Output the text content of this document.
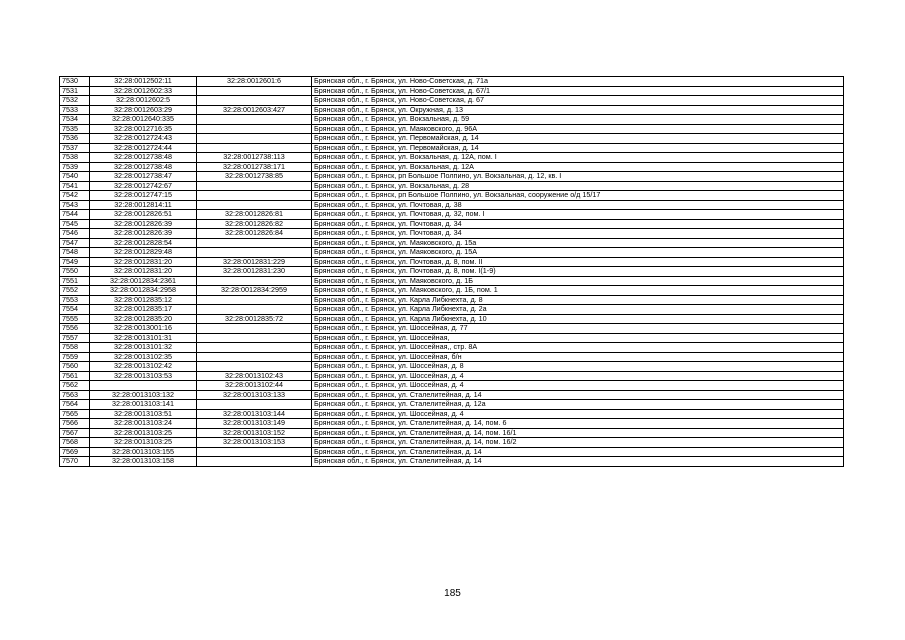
7530	32:28:0012502:11	32:28:0012601:6	Брянская обл., г. Брянск, ул. Ново-Советская, д. 71а
7531	32:28:0012602:33		Брянская обл., г. Брянск, ул. Ново-Советская, д. 67/1
7532	32:28:0012602:5		Брянская обл., г. Брянск, ул. Ново-Советская, д. 67
7533	32:28:0012603:29	32:28:0012603:427	Брянская обл., г. Брянск, ул. Окружная, д. 13
7534	32:28:0012640:335		Брянская обл., г. Брянск, ул. Вокзальная, д. 59
7535	32:28:0012716:35		Брянская обл., г. Брянск, ул. Маяковского, д. 96А
7536	32:28:0012724:43		Брянская обл., г. Брянск, ул. Первомайская, д. 14
7537	32:28:0012724:44		Брянская обл., г. Брянск, ул. Первомайская, д. 14
7538	32:28:0012738:48	32:28:0012738:113	Брянская обл., г. Брянск, ул. Вокзальная, д. 12А, пом. I
7539	32:28:0012738:48	32:28:0012738:171	Брянская обл., г. Брянск, ул. Вокзальная, д. 12А
7540	32:28:0012738:47	32:28:0012738:85	Брянская обл., г. Брянск, рп Большое Полпино, ул. Вокзальная, д. 12, кв. I
7541	32:28:0012742:67		Брянская обл., г. Брянск, ул. Вокзальная, д. 28
7542	32:28:0012747:15		Брянская обл., г. Брянск, рп Большое Полпино, ул. Вокзальная, сооружение о/д 15/17
7543	32:28:0012814:11		Брянская обл., г. Брянск, ул. Почтовая, д. 38
7544	32:28:0012826:51	32:28:0012826:81	Брянская обл., г. Брянск, ул. Почтовая, д. 32, пом. I
7545	32:28:0012826:39	32:28:0012826:82	Брянская обл., г. Брянск, ул. Почтовая, д. 34
7546	32:28:0012826:39	32:28:0012826:84	Брянская обл., г. Брянск, ул. Почтовая, д. 34
7547	32:28:0012828:54		Брянская обл., г. Брянск, ул. Маяковского, д. 15а
7548	32:28:0012829:48		Брянская обл., г. Брянск, ул. Маяковского, д. 15А
7549	32:28:0012831:20	32:28:0012831:229	Брянская обл., г. Брянск, ул. Почтовая, д. 8, пом. II
7550	32:28:0012831:20	32:28:0012831:230	Брянская обл., г. Брянск, ул. Почтовая, д. 8, пом. I(1-9)
7551	32:28:0012834:2361		Брянская обл., г. Брянск, ул. Маяковского, д. 1Б
7552	32:28:0012834:2958	32:28:0012834:2959	Брянская обл., г. Брянск, ул. Маяковского, д. 1Б, пом. 1
7553	32:28:0012835:12		Брянская обл., г. Брянск, ул. Карла Либкнехта, д. 8
7554	32:28:0012835:17		Брянская обл., г. Брянск, ул. Карла Либкнехта, д. 2а
7555	32:28:0012835:20	32:28:0012835:72	Брянская обл., г. Брянск, ул. Карла Либкнехта, д. 10
7556	32:28:0013001:16		Брянская обл., г. Брянск, ул. Шоссейная, д. 77
7557	32:28:0013101:31		Брянская обл., г. Брянск, ул. Шоссейная,
7558	32:28:0013101:32		Брянская обл., г. Брянск, ул. Шоссейная,, стр. 8А
7559	32:28:0013102:35		Брянская обл., г. Брянск, ул. Шоссейная, б/н
7560	32:28:0013102:42		Брянская обл., г. Брянск, ул. Шоссейная, д. 8
7561	32:28:0013103:53	32:28:0013102:43	Брянская обл., г. Брянск, ул. Шоссейная, д. 4
7562		32:28:0013102:44	Брянская обл., г. Брянск, ул. Шоссейная, д. 4
7563	32:28:0013103:132	32:28:0013103:133	Брянская обл., г. Брянск, ул. Сталелитейная, д. 14
7564	32:28:0013103:141		Брянская обл., г. Брянск, ул. Сталелитейная, д. 12а
7565	32:28:0013103:51	32:28:0013103:144	Брянская обл., г. Брянск, ул. Шоссейная, д. 4
7566	32:28:0013103:24	32:28:0013103:149	Брянская обл., г. Брянск, ул. Сталелитейная, д. 14, пом. 6
7567	32:28:0013103:25	32:28:0013103:152	Брянская обл., г. Брянск, ул. Сталелитейная, д. 14, пом. 16/1
7568	32:28:0013103:25	32:28:0013103:153	Брянская обл., г. Брянск, ул. Сталелитейная, д. 14, пом. 16/2
7569	32:28:0013103:155		Брянская обл., г. Брянск, ул. Сталелитейная, д. 14
7570	32:28:0013103:158		Брянская обл., г. Брянск, ул. Сталелитейная, д. 14
185
